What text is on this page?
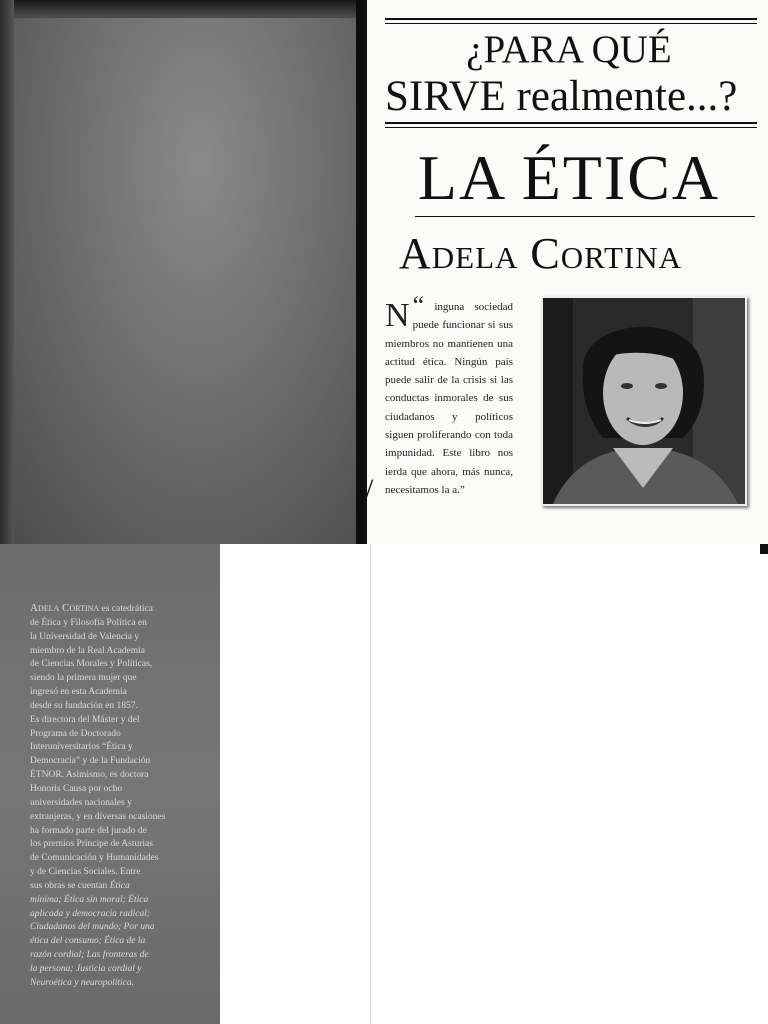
¿PARA QUÉ
SIRVE realmente...?
LA ÉTICA
Adela Cortina
“
N inguna sociedad puede funcionar si sus miembros no mantienen una actitud ética. Ningún país puede salir de la crisis si las conductas inmorales de sus ciudadanos y políticos siguen proliferando con toda impunidad. Este libro nos ierda que ahora, más nunca, necesitamos la a.”
/
Adela Cortina es catedrática
de Ética y Filosofía Política en
la Universidad de Valencia y
miembro de la Real Academia
de Ciencias Morales y Políticas,
siendo la primera mujer que
ingresó en esta Academia
desde su fundación en 1857.
Es directora del Máster y del
Programa de Doctorado
Interuniversitarios “Ética y
Democracia” y de la Fundación
ÉTNOR. Asimismo, es doctora
Honoris Causa por ocho
universidades nacionales y
extranjeras, y en diversas ocasiones
ha formado parte del jurado de
los premios Príncipe de Asturias
de Comunicación y Humanidades
y de Ciencias Sociales. Entre
sus obras se cuentan Ética
mínima; Ética sin moral; Ética
aplicada y democracia radical;
Ciudadanos del mundo; Por una
ética del consumo; Ética de la
razón cordial; Las fronteras de
la persona; Justicia cordial y
Neuroética y neuropolítica.
